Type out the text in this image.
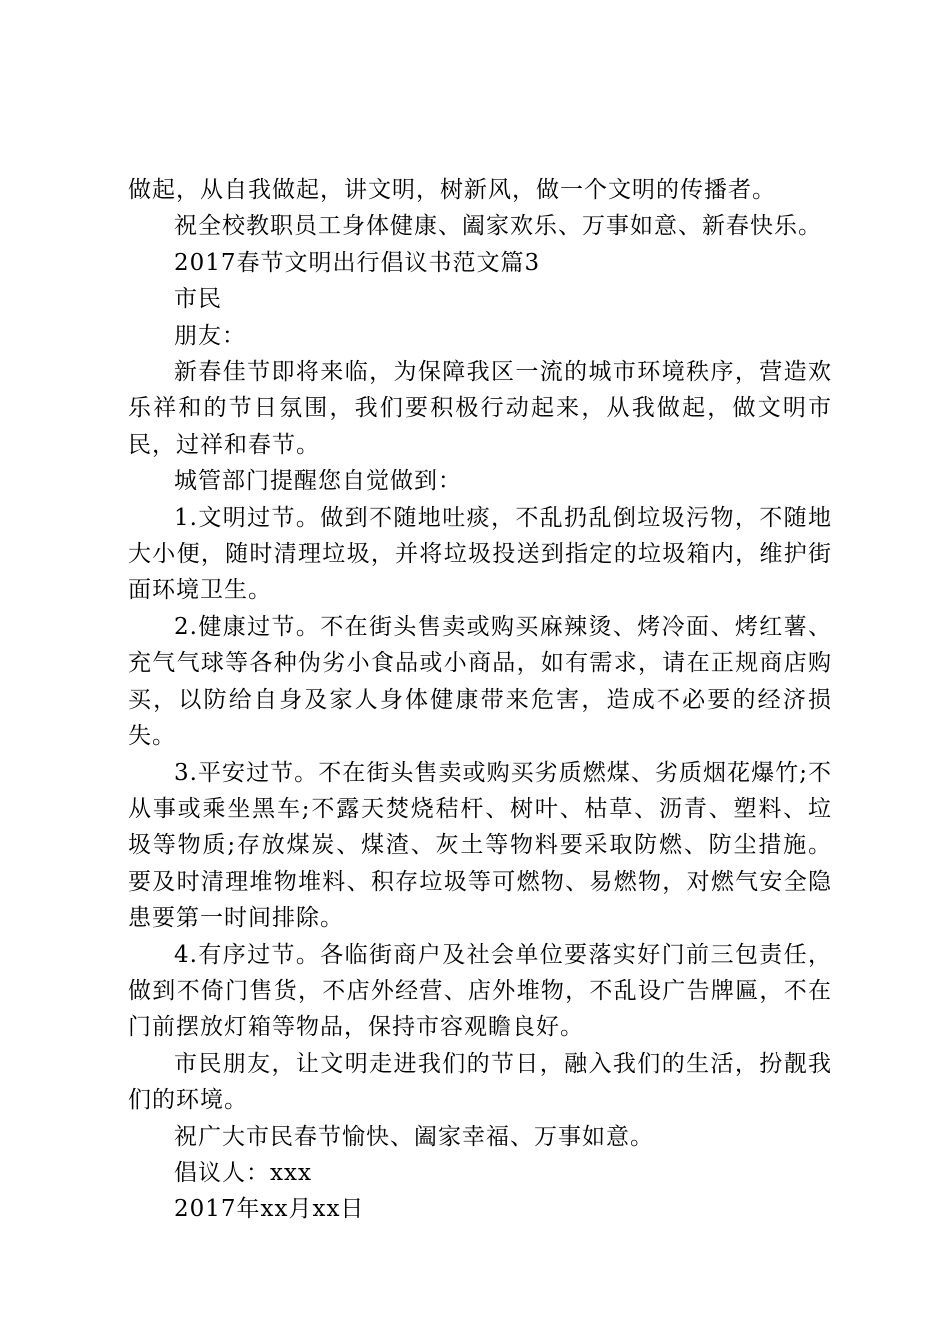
做起，从自我做起，讲文明，树新风，做一个文明的传播者。

祝全校教职员工身体健康、阖家欢乐、万事如意、新春快乐。

2017春节文明出行倡议书范文篇3

市民

朋友：

新春佳节即将来临，为保障我区一流的城市环境秩序，营造欢乐祥和的节日氛围，我们要积极行动起来，从我做起，做文明市民，过祥和春节。

城管部门提醒您自觉做到：

1.文明过节。做到不随地吐痰，不乱扔乱倒垃圾污物，不随地大小便，随时清理垃圾，并将垃圾投送到指定的垃圾箱内，维护街面环境卫生。

2.健康过节。不在街头售卖或购买麻辣烫、烤冷面、烤红薯、充气气球等各种伪劣小食品或小商品，如有需求，请在正规商店购买，以防给自身及家人身体健康带来危害，造成不必要的经济损失。

3.平安过节。不在街头售卖或购买劣质燃煤、劣质烟花爆竹;不从事或乘坐黑车;不露天焚烧秸杆、树叶、枯草、沥青、塑料、垃圾等物质;存放煤炭、煤渣、灰土等物料要采取防燃、防尘措施。要及时清理堆物堆料、积存垃圾等可燃物、易燃物，对燃气安全隐患要第一时间排除。

4.有序过节。各临街商户及社会单位要落实好门前三包责任，做到不倚门售货，不店外经营、店外堆物，不乱设广告牌匾，不在门前摆放灯箱等物品，保持市容观瞻良好。

市民朋友，让文明走进我们的节日，融入我们的生活，扮靓我们的环境。

祝广大市民春节愉快、阖家幸福、万事如意。

倡议人：xxx

2017年xx月xx日
